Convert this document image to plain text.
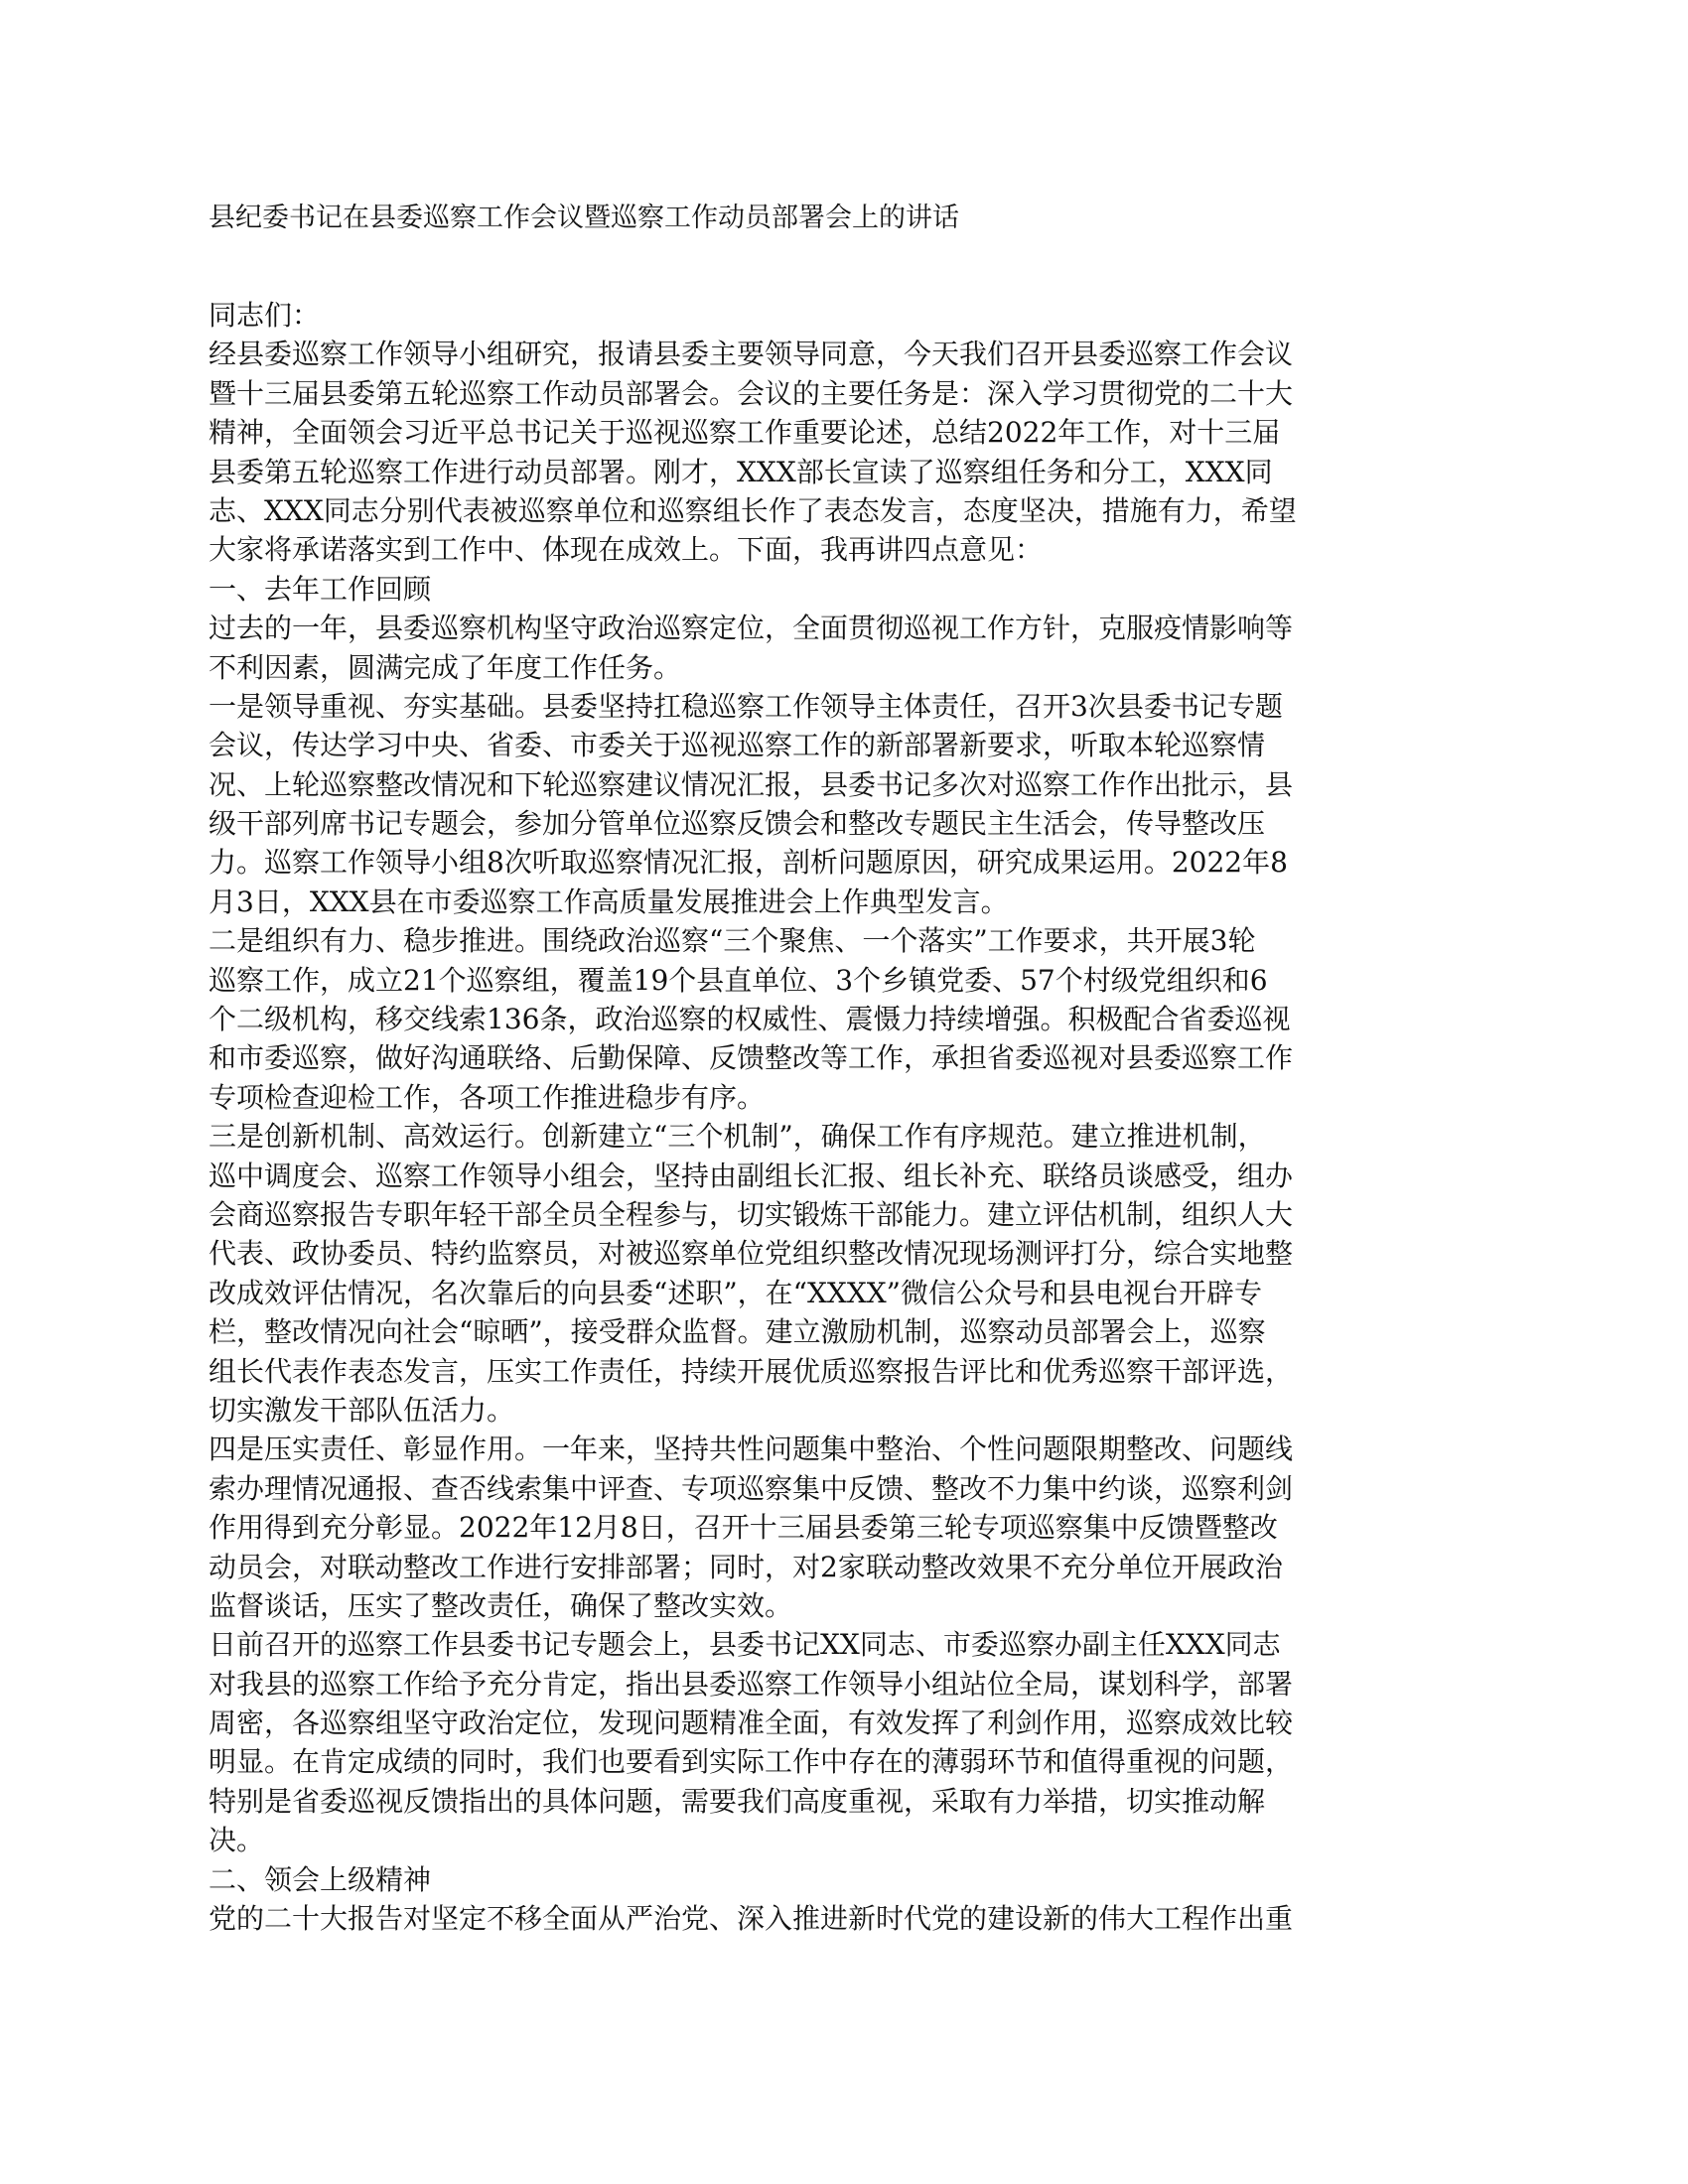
县纪委书记在县委巡察工作会议暨巡察工作动员部署会上的讲话
同志们：
经县委巡察工作领导小组研究，报请县委主要领导同意，今天我们召开县委巡察工作会议
暨十三届县委第五轮巡察工作动员部署会。会议的主要任务是：深入学习贯彻党的二十大
精神，全面领会习近平总书记关于巡视巡察工作重要论述，总结2022年工作，对十三届
县委第五轮巡察工作进行动员部署。刚才，XXX部长宣读了巡察组任务和分工，XXX同
志、XXX同志分别代表被巡察单位和巡察组长作了表态发言，态度坚决，措施有力，希望
大家将承诺落实到工作中、体现在成效上。下面，我再讲四点意见：
一、去年工作回顾
过去的一年，县委巡察机构坚守政治巡察定位，全面贯彻巡视工作方针，克服疫情影响等
不利因素，圆满完成了年度工作任务。
一是领导重视、夯实基础。县委坚持扛稳巡察工作领导主体责任，召开3次县委书记专题
会议，传达学习中央、省委、市委关于巡视巡察工作的新部署新要求，听取本轮巡察情
况、上轮巡察整改情况和下轮巡察建议情况汇报，县委书记多次对巡察工作作出批示，县
级干部列席书记专题会，参加分管单位巡察反馈会和整改专题民主生活会，传导整改压
力。巡察工作领导小组8次听取巡察情况汇报，剖析问题原因，研究成果运用。2022年8
月3日，XXX县在市委巡察工作高质量发展推进会上作典型发言。
二是组织有力、稳步推进。围绕政治巡察“三个聚焦、一个落实”工作要求，共开展3轮
巡察工作，成立21个巡察组，覆盖19个县直单位、3个乡镇党委、57个村级党组织和6
个二级机构，移交线索136条，政治巡察的权威性、震慑力持续增强。积极配合省委巡视
和市委巡察，做好沟通联络、后勤保障、反馈整改等工作，承担省委巡视对县委巡察工作
专项检查迎检工作，各项工作推进稳步有序。
三是创新机制、高效运行。创新建立“三个机制”，确保工作有序规范。建立推进机制，
巡中调度会、巡察工作领导小组会，坚持由副组长汇报、组长补充、联络员谈感受，组办
会商巡察报告专职年轻干部全员全程参与，切实锻炼干部能力。建立评估机制，组织人大
代表、政协委员、特约监察员，对被巡察单位党组织整改情况现场测评打分，综合实地整
改成效评估情况，名次靠后的向县委“述职”，在“XXXX”微信公众号和县电视台开辟专
栏，整改情况向社会“晾晒”，接受群众监督。建立激励机制，巡察动员部署会上，巡察
组长代表作表态发言，压实工作责任，持续开展优质巡察报告评比和优秀巡察干部评选，
切实激发干部队伍活力。
四是压实责任、彰显作用。一年来，坚持共性问题集中整治、个性问题限期整改、问题线
索办理情况通报、查否线索集中评查、专项巡察集中反馈、整改不力集中约谈，巡察利剑
作用得到充分彰显。2022年12月8日，召开十三届县委第三轮专项巡察集中反馈暨整改
动员会，对联动整改工作进行安排部署；同时，对2家联动整改效果不充分单位开展政治
监督谈话，压实了整改责任，确保了整改实效。
日前召开的巡察工作县委书记专题会上，县委书记XX同志、市委巡察办副主任XXX同志
对我县的巡察工作给予充分肯定，指出县委巡察工作领导小组站位全局，谋划科学，部署
周密，各巡察组坚守政治定位，发现问题精准全面，有效发挥了利剑作用，巡察成效比较
明显。在肯定成绩的同时，我们也要看到实际工作中存在的薄弱环节和值得重视的问题，
特别是省委巡视反馈指出的具体问题，需要我们高度重视，采取有力举措，切实推动解
决。
二、领会上级精神
党的二十大报告对坚定不移全面从严治党、深入推进新时代党的建设新的伟大工程作出重
